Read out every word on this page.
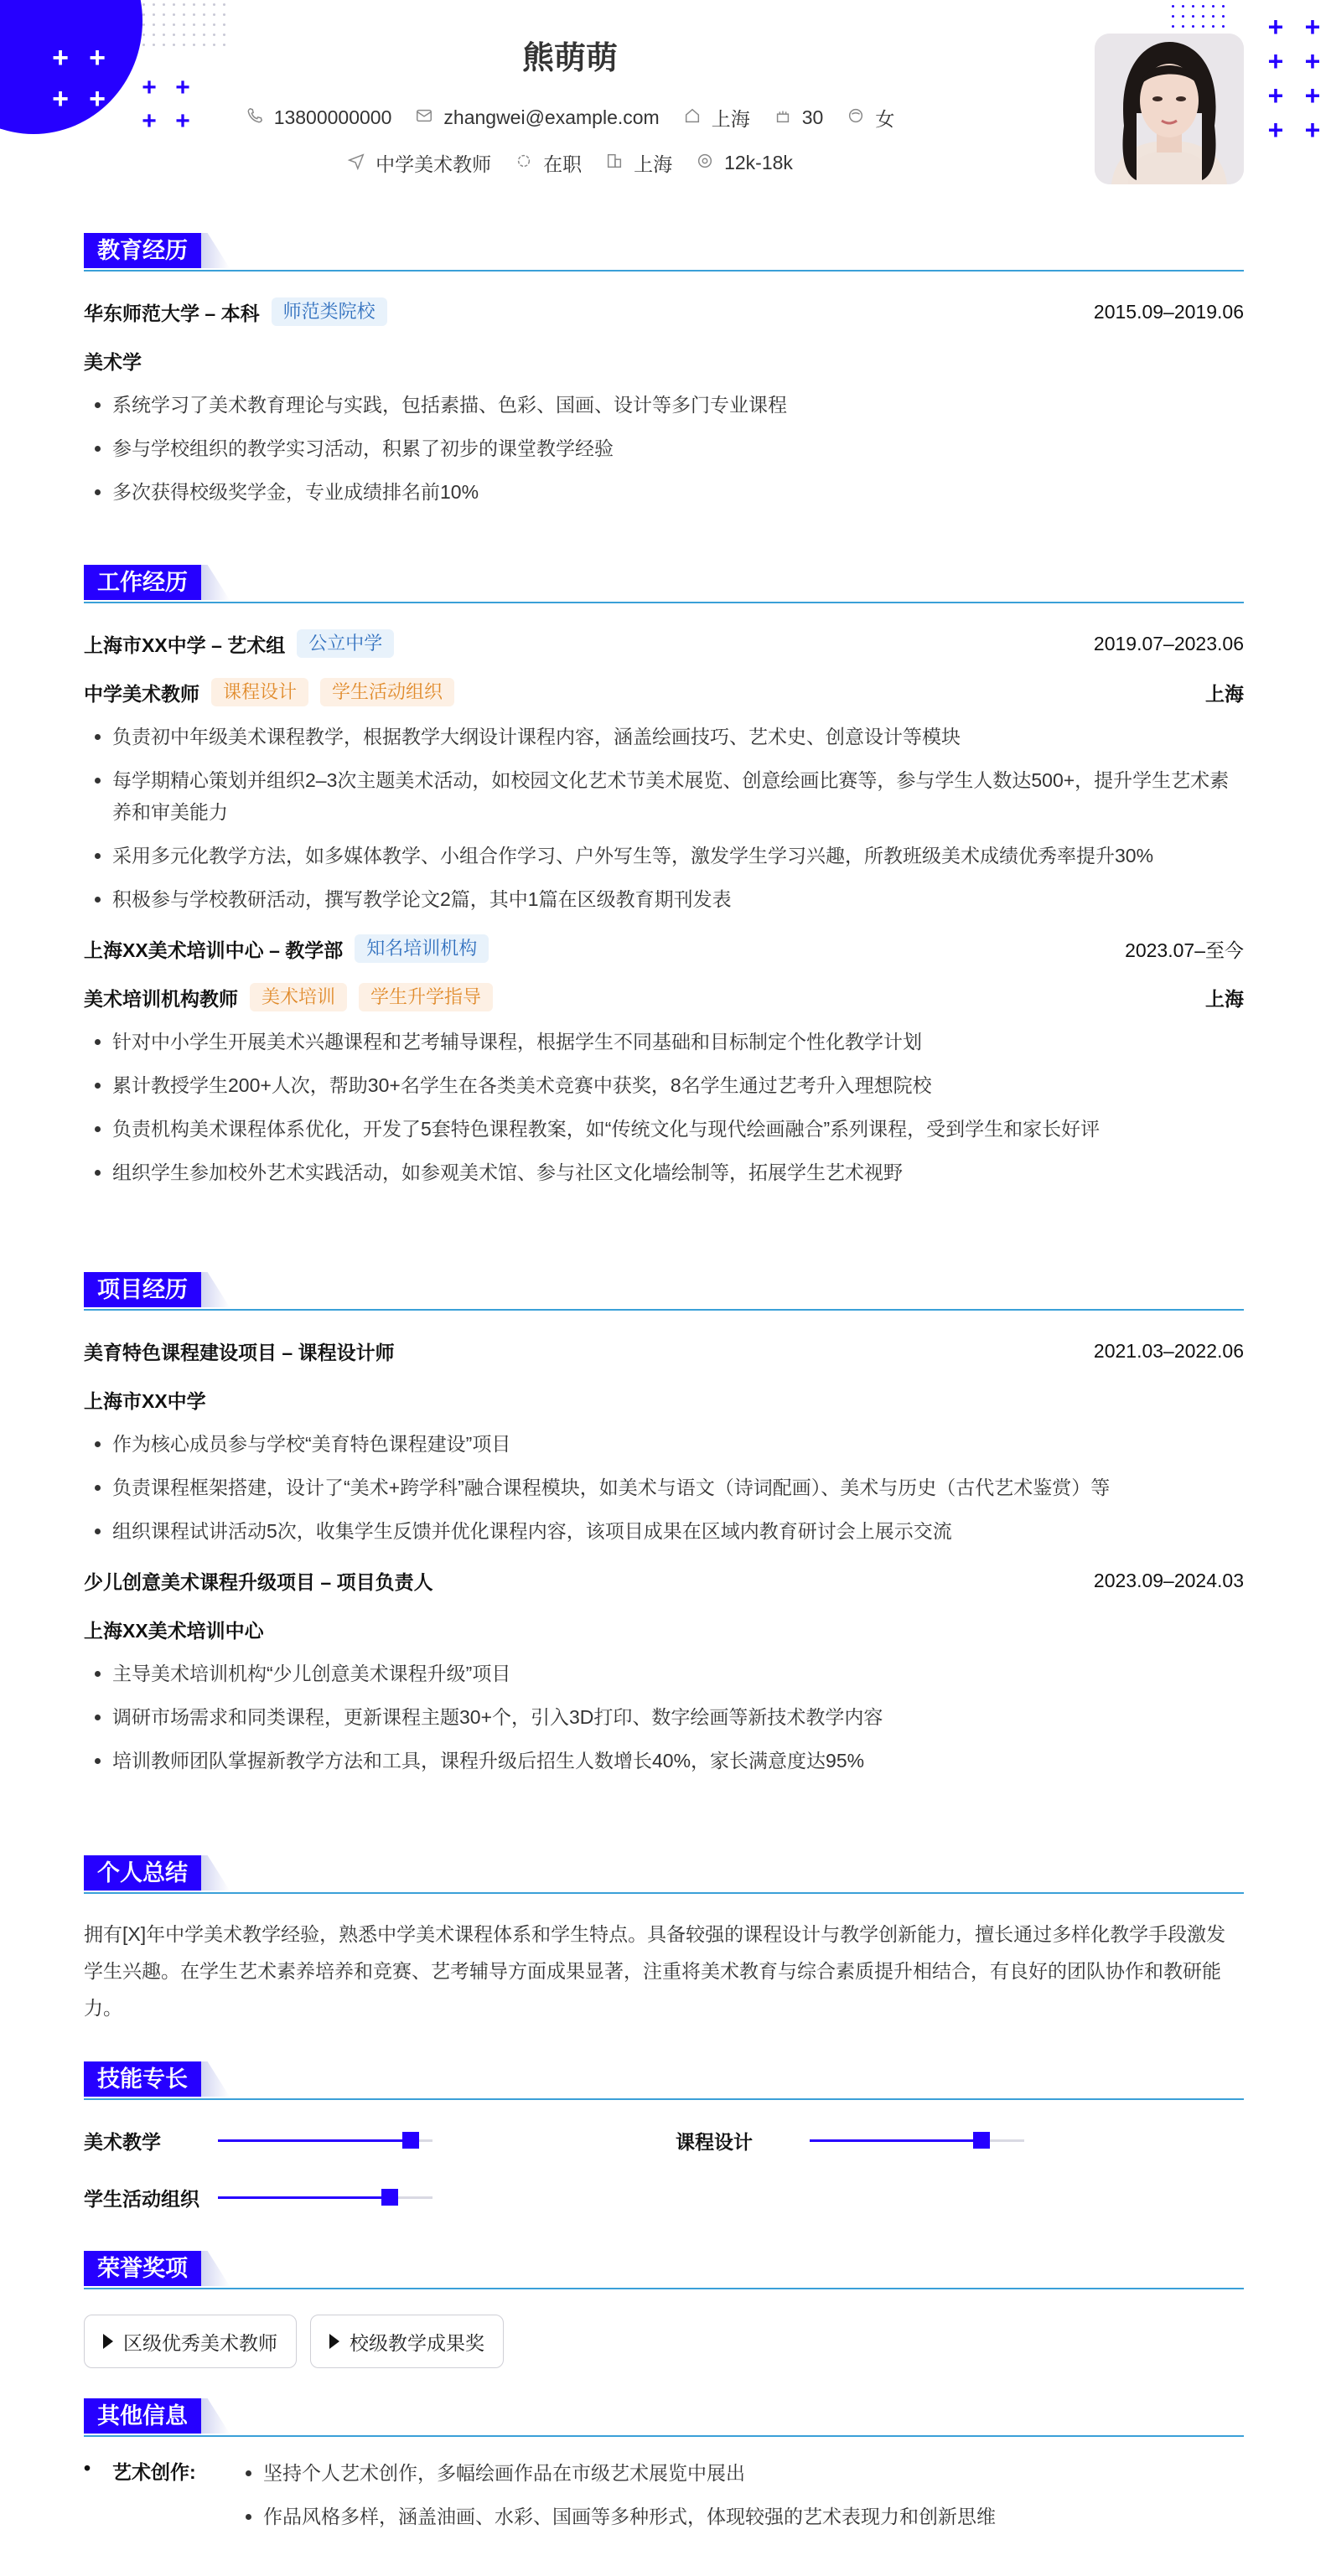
+ +
+ +	+ +
+ +
+ +
+ +
+ +
+ +
熊萌萌
13800000000	zhangwei@example.com	上海	30	女
中学美术教师	在职	上海	12k-18k
教育经历
华东师范大学 – 本科	师范类院校	2015.09–2019.06
美术学
• 系统学习了美术教育理论与实践，包括素描、色彩、国画、设计等多门专业课程
• 参与学校组织的教学实习活动，积累了初步的课堂教学经验
• 多次获得校级奖学金，专业成绩排名前10%
工作经历
上海市XX中学 – 艺术组	公立中学	2019.07–2023.06
中学美术教师	课程设计	学生活动组织	上海
• 负责初中年级美术课程教学，根据教学大纲设计课程内容，涵盖绘画技巧、艺术史、创意设计等模块
• 每学期精心策划并组织2–3次主题美术活动，如校园文化艺术节美术展览、创意绘画比赛等，参与学生人数达500+，提升学生艺术素养和审美能力
• 采用多元化教学方法，如多媒体教学、小组合作学习、户外写生等，激发学生学习兴趣，所教班级美术成绩优秀率提升30%
• 积极参与学校教研活动，撰写教学论文2篇，其中1篇在区级教育期刊发表
上海XX美术培训中心 – 教学部	知名培训机构	2023.07–至今
美术培训机构教师	美术培训	学生升学指导	上海
• 针对中小学生开展美术兴趣课程和艺考辅导课程，根据学生不同基础和目标制定个性化教学计划
• 累计教授学生200+人次，帮助30+名学生在各类美术竞赛中获奖，8名学生通过艺考升入理想院校
• 负责机构美术课程体系优化，开发了5套特色课程教案，如“传统文化与现代绘画融合”系列课程，受到学生和家长好评
• 组织学生参加校外艺术实践活动，如参观美术馆、参与社区文化墙绘制等，拓展学生艺术视野
项目经历
美育特色课程建设项目 – 课程设计师	2021.03–2022.06
上海市XX中学
• 作为核心成员参与学校“美育特色课程建设”项目
• 负责课程框架搭建，设计了“美术+跨学科”融合课程模块，如美术与语文（诗词配画）、美术与历史（古代艺术鉴赏）等
• 组织课程试讲活动5次，收集学生反馈并优化课程内容，该项目成果在区域内教育研讨会上展示交流
少儿创意美术课程升级项目 – 项目负责人	2023.09–2024.03
上海XX美术培训中心
• 主导美术培训机构“少儿创意美术课程升级”项目
• 调研市场需求和同类课程，更新课程主题30+个，引入3D打印、数字绘画等新技术教学内容
• 培训教师团队掌握新教学方法和工具，课程升级后招生人数增长40%，家长满意度达95%
个人总结
拥有[X]年中学美术教学经验，熟悉中学美术课程体系和学生特点。具备较强的课程设计与教学创新能力，擅长通过多样化教学手段激发学生兴趣。在学生艺术素养培养和竞赛、艺考辅导方面成果显著，注重将美术教育与综合素质提升相结合，有良好的团队协作和教研能力。
技能专长
美术教学	课程设计
学生活动组织
荣誉奖项
区级优秀美术教师	校级教学成果奖
其他信息
• 艺术创作:
•	坚持个人艺术创作，多幅绘画作品在市级艺术展览中展出
• 作品风格多样，涵盖油画、水彩、国画等多种形式，体现较强的艺术表现力和创新思维
